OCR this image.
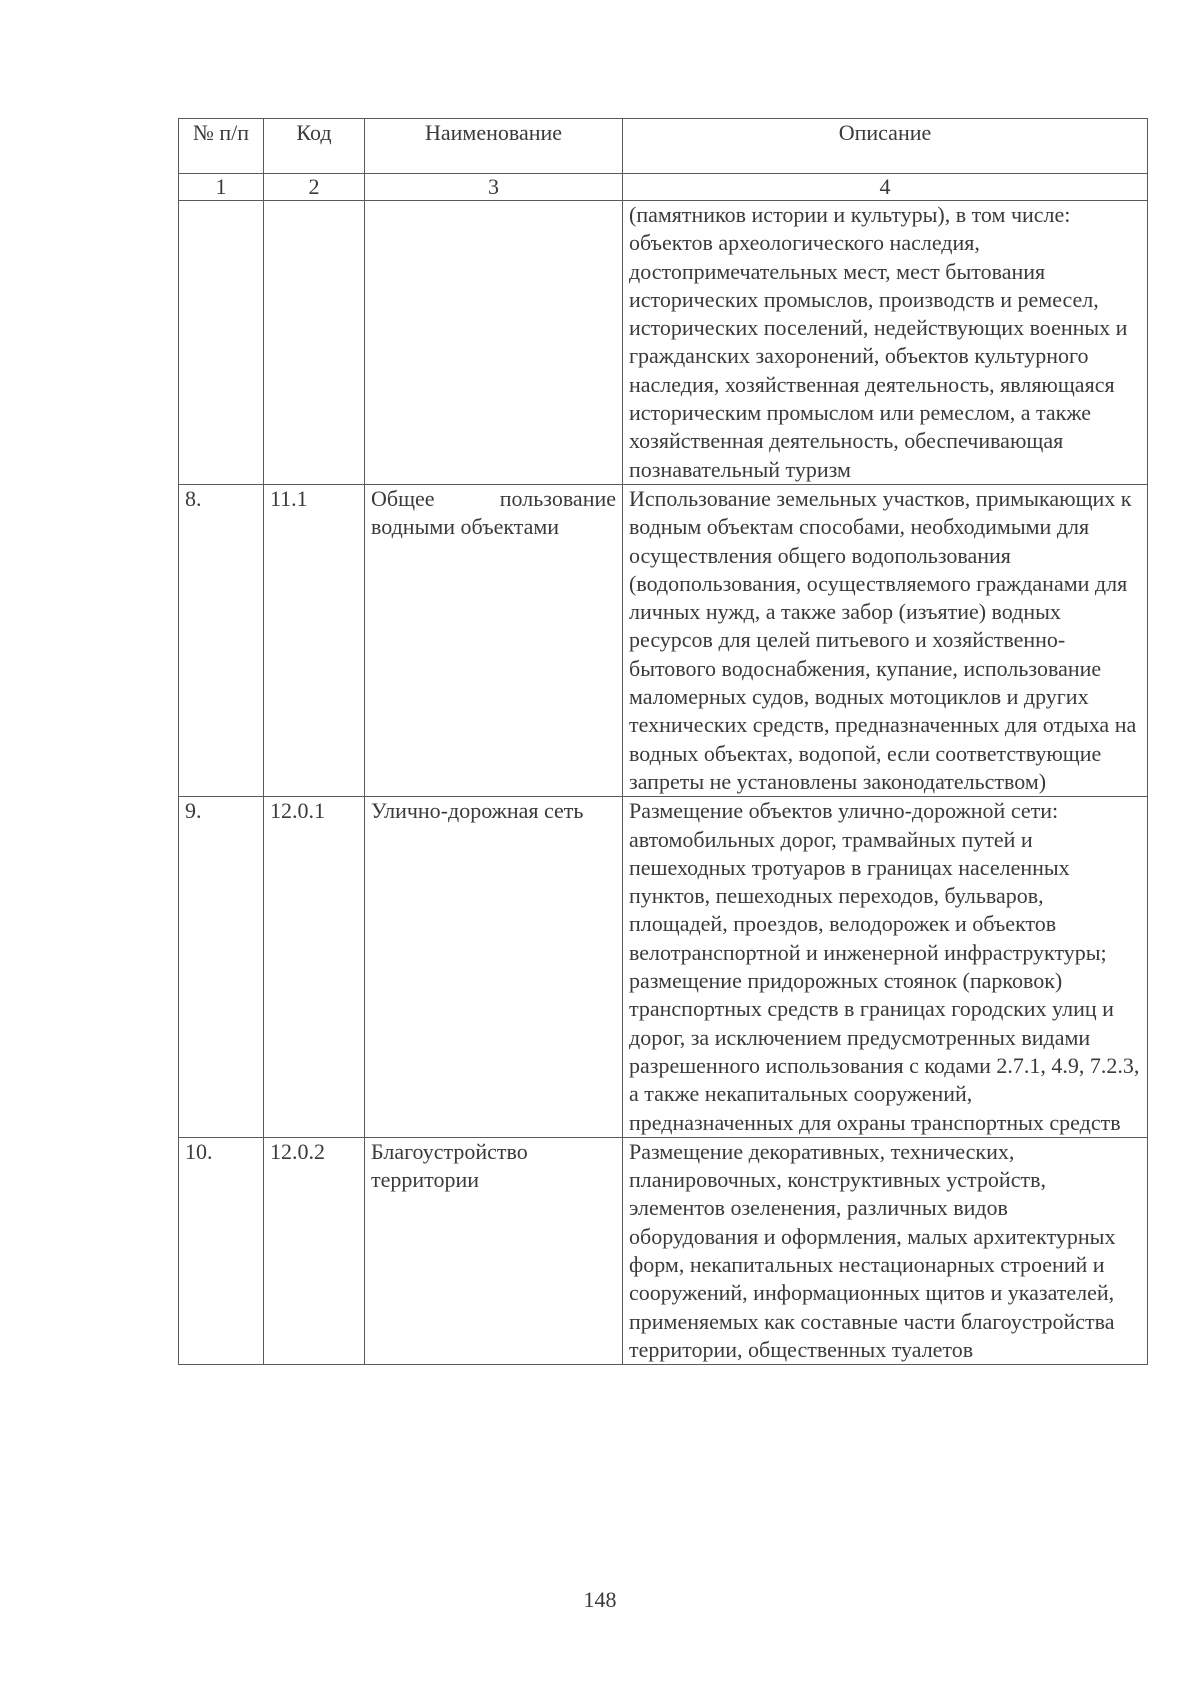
№ п/п	Код	Наименование	Описание
1	2	3	4
			(памятников истории и культуры), в том числе: объектов археологического наследия, достопримечательных мест, мест бытования исторических промыслов, производств и ремесел, исторических поселений, недействующих военных и гражданских захоронений, объектов культурного наследия, хозяйственная деятельность, являющаяся историческим промыслом или ремеслом, а также хозяйственная деятельность, обеспечивающая познавательный туризм
8.	11.1	Общее пользование водными объектами	Использование земельных участков, примыкающих к водным объектам способами, необходимыми для осуществления общего водопользования (водопользования, осуществляемого гражданами для личных нужд, а также забор (изъятие) водных ресурсов для целей питьевого и хозяйственно-бытового водоснабжения, купание, использование маломерных судов, водных мотоциклов и других технических средств, предназначенных для отдыха на водных объектах, водопой, если соответствующие запреты не установлены законодательством)
9.	12.0.1	Улично-дорожная сеть	Размещение объектов улично-дорожной сети: автомобильных дорог, трамвайных путей и пешеходных тротуаров в границах населенных пунктов, пешеходных переходов, бульваров, площадей, проездов, велодорожек и объектов велотранспортной и инженерной инфраструктуры; размещение придорожных стоянок (парковок) транспортных средств в границах городских улиц и дорог, за исключением предусмотренных видами разрешенного использования с кодами 2.7.1, 4.9, 7.2.3, а также некапитальных сооружений, предназначенных для охраны транспортных средств
10.	12.0.2	Благоустройство территории	Размещение декоративных, технических, планировочных, конструктивных устройств, элементов озеленения, различных видов оборудования и оформления, малых архитектурных форм, некапитальных нестационарных строений и сооружений, информационных щитов и указателей, применяемых как составные части благоустройства территории, общественных туалетов
148
